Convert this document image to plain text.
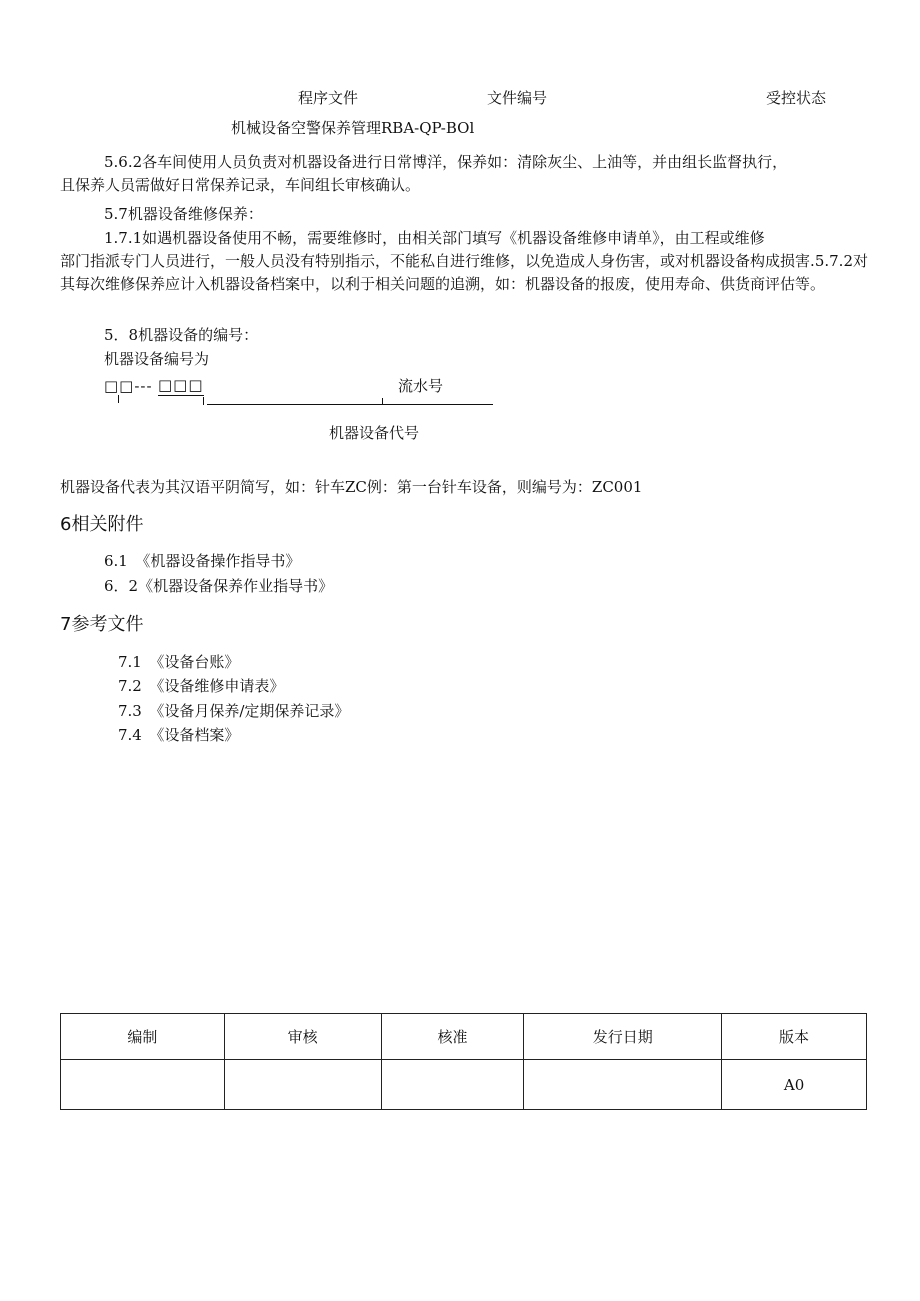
程序文件	文件编号	受控状态
机械设备空警保养管理RBA-QP-BOl
5.6.2各车间使用人员负责对机器设备进行日常博洋，保养如：清除灰尘、上油等，并由组长监督执行，
且保养人员需做好日常保养记录，车间组长审核确认。
5.7机器设备维修保养：
1.7.1如遇机器设备使用不畅，需要维修时，由相关部门填写《机器设备维修申请单》，由工程或维修
部门指派专门人员进行，一般人员没有特别指示，不能私自进行维修，以免造成人身伤害，或对机器设备构成损害.5.7.2对其每次维修保养应计入机器设备档案中，以利于相关问题的追溯，如：机器设备的报废，使用寿命、供货商评估等。
5．8机器设备的编号：
机器设备编号为
□□--- □□□	流水号
机器设备代号
机器设备代表为其汉语平阴简写，如：针车ZC例：第一台针车设备，则编号为：ZC001
6相关附件
6.1　《机器设备操作指导书》
6．2《机器设备保养作业指导书》
7参考文件
7.1　《设备台账》
7.2　《设备维修申请表》
7.3　《设备月保养/定期保养记录》
7.4　《设备档案》
编制	审核	核准	发行日期	版本
				A0
